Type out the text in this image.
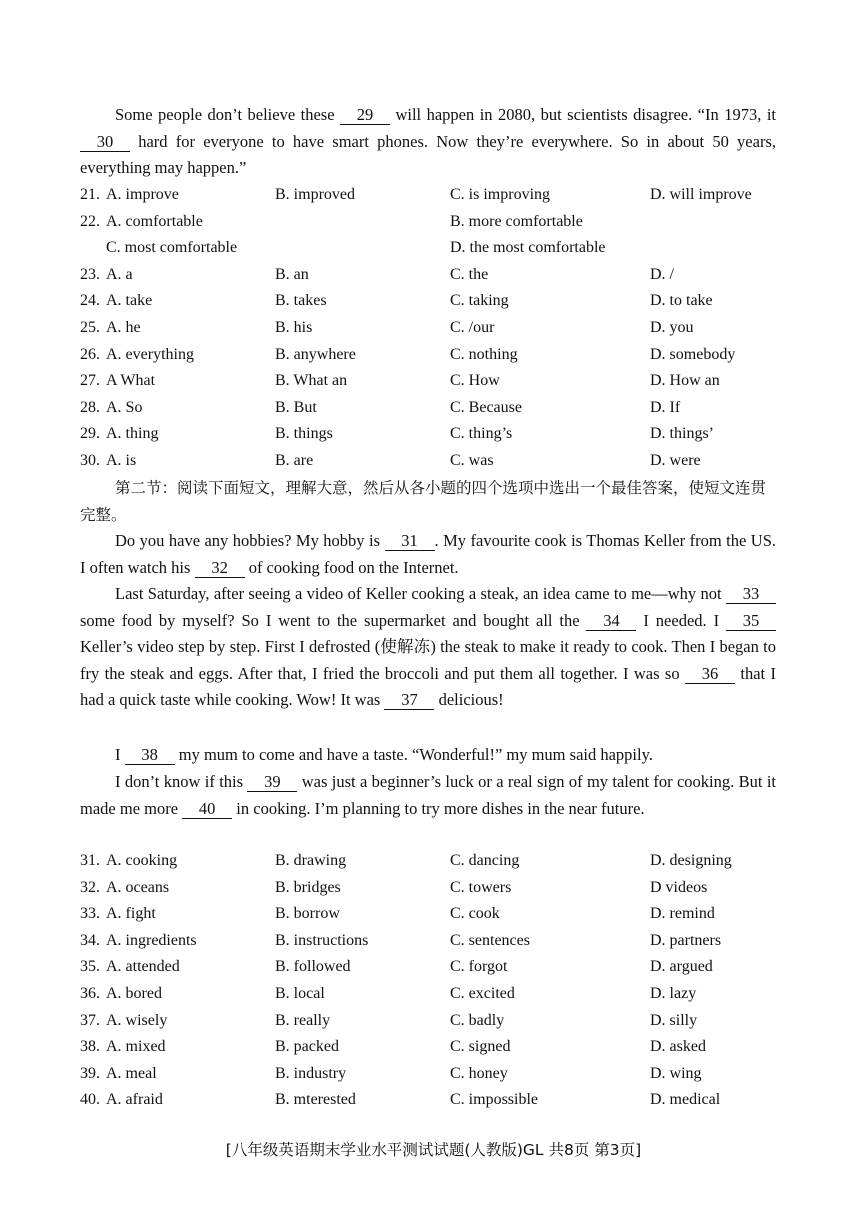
Some people don’t believe these 29 will happen in 2080, but scientists disagree. “In 1973, it 30 hard for everyone to have smart phones. Now they’re everywhere. So in about 50 years, everything may happen.”
21. A. improve	B. improved	C. is improving	D. will improve
22. A. comfortable	B. more comfortable
C. most comfortable	D. the most comfortable
23. A. a	B. an	C. the	D. /
24. A. take	B. takes	C. taking	D. to take
25. A. he	B. his	C. /our	D. you
26. A. everything	B. anywhere	C. nothing	D. somebody
27. A What	B. What an	C. How	D. How an
28. A. So	B. But	C. Because	D. If
29. A. thing	B. things	C. thing’s	D. things’
30. A. is	B. are	C. was	D. were
第二节：阅读下面短文，理解大意，然后从各小题的四个选项中选出一个最佳答案，使短文连贯完整。
Do you have any hobbies? My hobby is 31 . My favourite cook is Thomas Keller from the US. I often watch his 32 of cooking food on the Internet.
Last Saturday, after seeing a video of Keller cooking a steak, an idea came to me—why not 33 some food by myself? So I went to the supermarket and bought all the 34 I needed. I 35 Keller’s video step by step. First I defrosted (使解冻) the steak to make it ready to cook. Then I began to fry the steak and eggs. After that, I fried the broccoli and put them all together. I was so 36 that I had a quick taste while cooking. Wow! It was 37 delicious!
I 38 my mum to come and have a taste. “Wonderful!” my mum said happily.
I don’t know if this 39 was just a beginner’s luck or a real sign of my talent for cooking. But it made me more 40 in cooking. I’m planning to try more dishes in the near future.
31. A. cooking	B. drawing	C. dancing	D. designing
32. A. oceans	B. bridges	C. towers	D videos
33. A. fight	B. borrow	C. cook	D. remind
34. A. ingredients	B. instructions	C. sentences	D. partners
35. A. attended	B. followed	C. forgot	D. argued
36. A. bored	B. local	C. excited	D. lazy
37. A. wisely	B. really	C. badly	D. silly
38. A. mixed	B. packed	C. signed	D. asked
39. A. meal	B. industry	C. honey	D. wing
40. A. afraid	B. mterested	C. impossible	D. medical
[八年级英语期末学业水平测试试题(人教版)GL 共8页 第3页]
